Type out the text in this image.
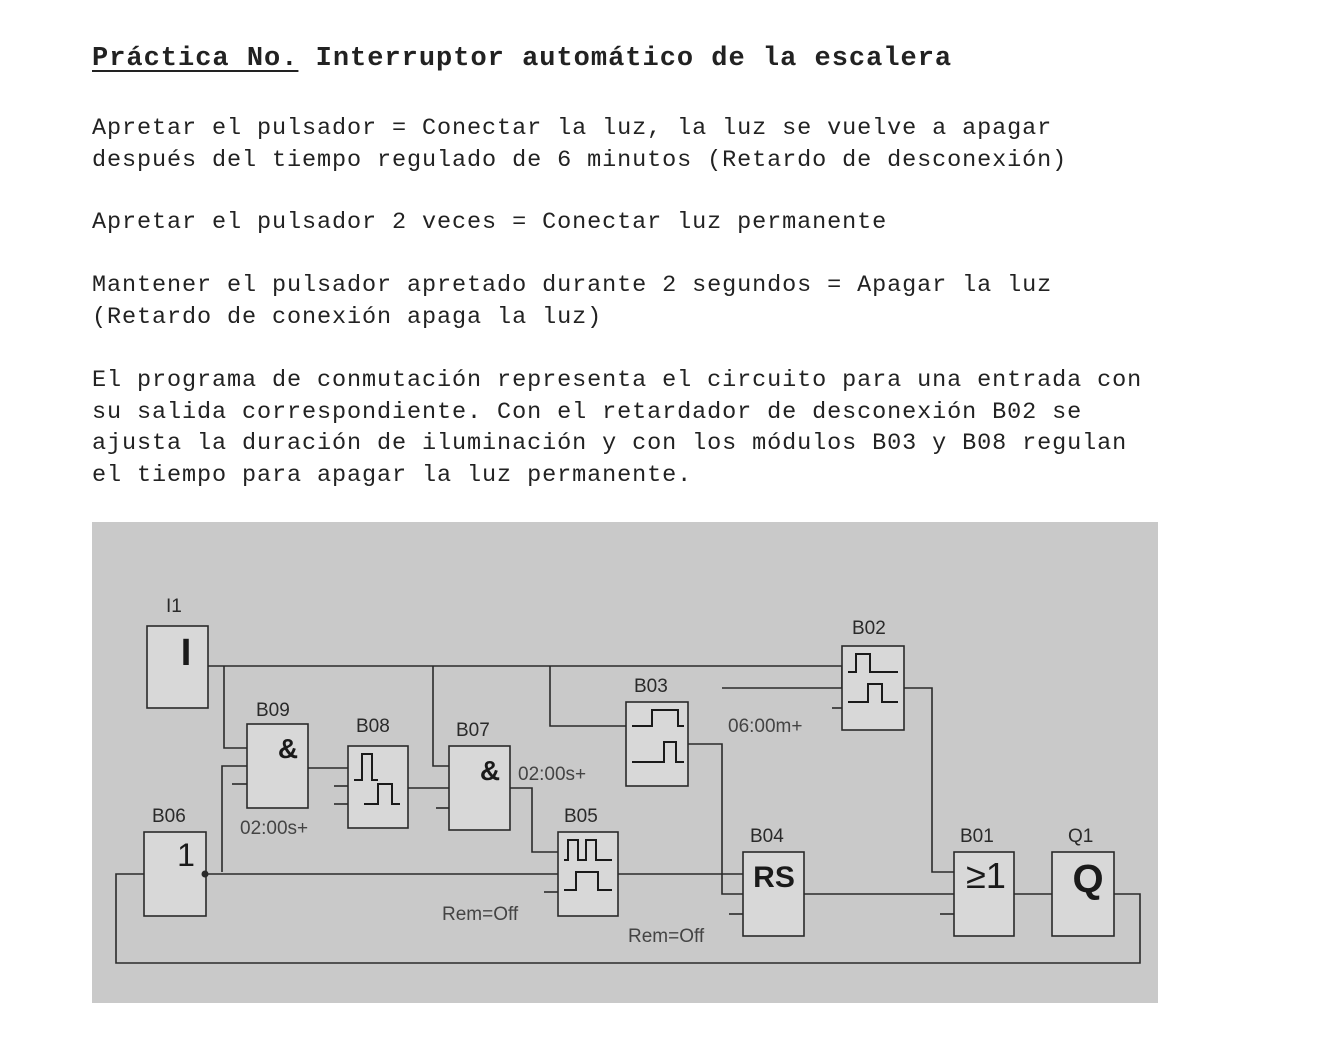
Práctica No. Interruptor automático de la escalera
Apretar el pulsador = Conectar la luz, la luz se vuelve a apagar
después del tiempo regulado de 6 minutos (Retardo de desconexión)
Apretar el pulsador 2 veces = Conectar luz permanente
Mantener el pulsador apretado durante 2 segundos = Apagar la luz
(Retardo de conexión apaga la luz)
El programa de conmutación representa el circuito para una entrada con
su salida correspondiente. Con el retardador de desconexión B02 se
ajusta la duración de iluminación y con los módulos B03 y B08 regulan
el tiempo para apagar la luz permanente.
I1
B09
B08	B07
B03
B02
B05
B06
B04	B01	Q1
02:00s+
02:00s+
06:00m+
Rem=Off
Rem=Off
I
&
&
1
RS	≥1 Q
